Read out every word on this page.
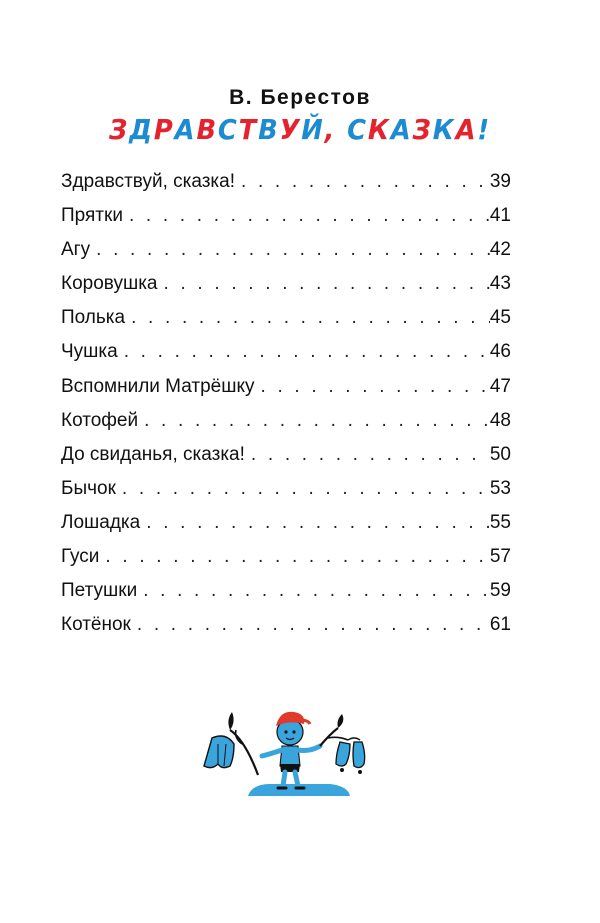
В. Берестов
ЗДРАВСТВУЙ, СКАЗКА!
Здравствуй, сказка! . . .	39
Прятки . . .	41
Агу . . .	42
Коровушка . . .	43
Полька . . .	45
Чушка . . .	46
Вспомнили Матрёшку . . .	47
Котофей . . .	48
До свиданья, сказка! . . .	50
Бычок . . .	53
Лошадка . . .	55
Гуси . . .	57
Петушки . . .	59
Котёнок . . .	61
